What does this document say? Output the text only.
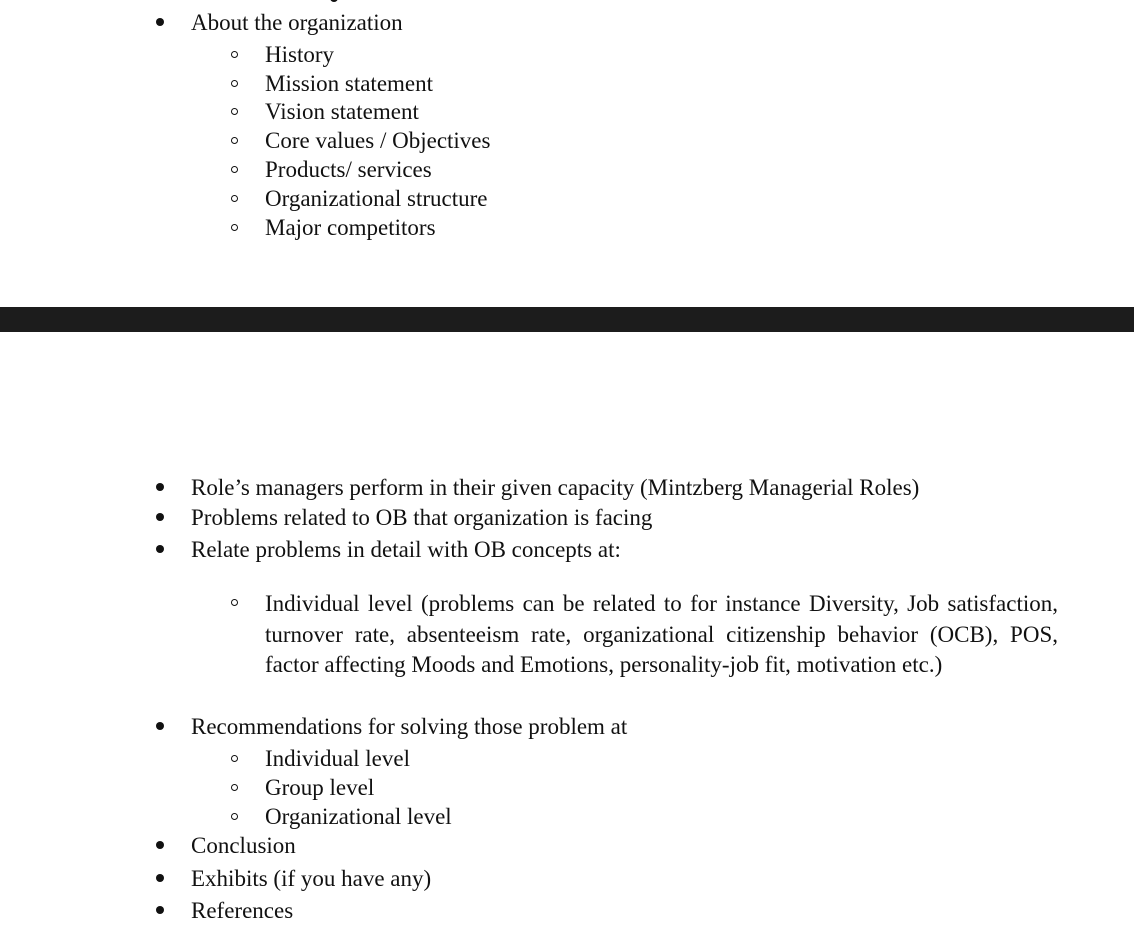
About the organization
History
Mission statement
Vision statement
Core values / Objectives
Products/ services
Organizational structure
Major competitors
Role’s managers perform in their given capacity (Mintzberg Managerial Roles)
Problems related to OB that organization is facing
Relate problems in detail with OB concepts at:
Individual level (problems can be related to for instance Diversity, Job satisfaction, turnover rate, absenteeism rate, organizational citizenship behavior (OCB), POS, factor affecting Moods and Emotions, personality-job fit, motivation etc.)
Recommendations for solving those problem at
Individual level
Group level
Organizational level
Conclusion
Exhibits (if you have any)
References
